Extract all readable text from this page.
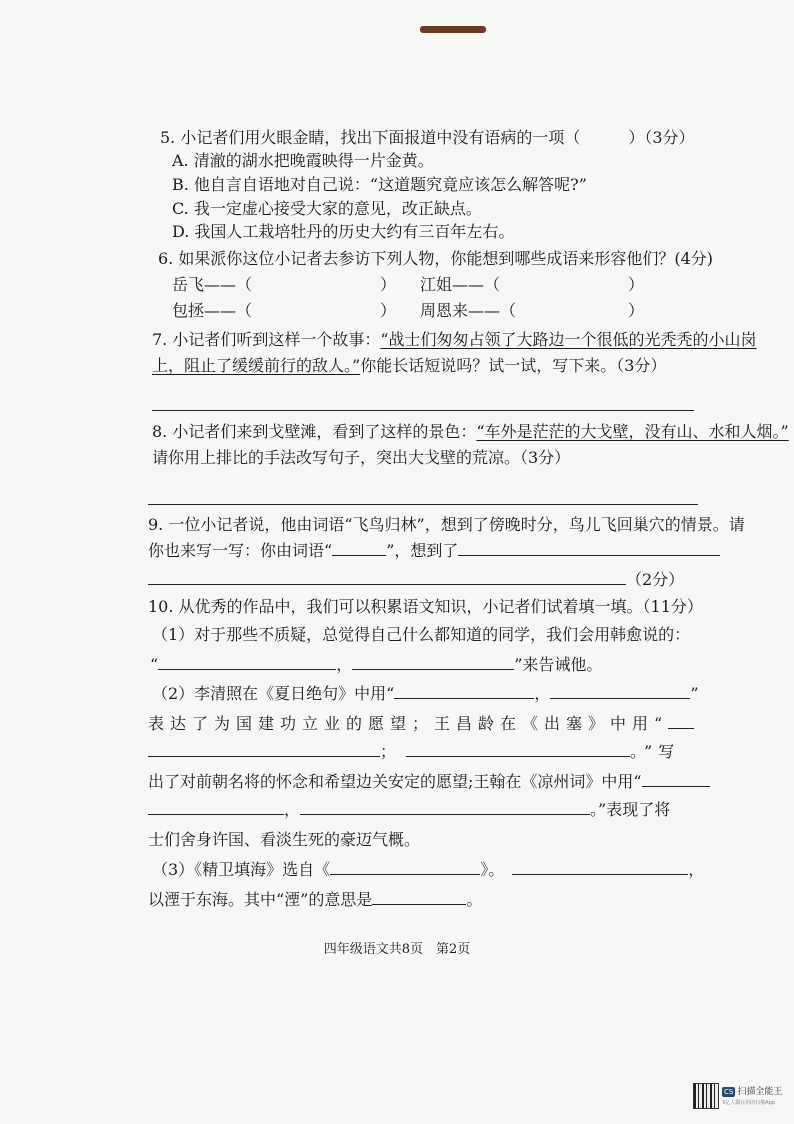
5. 小记者们用火眼金睛，找出下面报道中没有语病的一项（　　　）（3分）
A. 清澈的湖水把晚霞映得一片金黄。
B. 他自言自语地对自己说：“这道题究竟应该怎么解答呢?”
C. 我一定虚心接受大家的意见，改正缺点。
D. 我国人工栽培牡丹的历史大约有三百年左右。
6. 如果派你这位小记者去参访下列人物，你能想到哪些成语来形容他们？(4分)
岳飞——（　　　　　　　　） 江姐——（　　　　　　　　）
包拯——（　　　　　　　　） 周恩来——（　　　　　　　）
7. 小记者们听到这样一个故事：“战士们匆匆占领了大路边一个很低的光秃秃的小山岗
上，阻止了缓缓前行的敌人。”你能长话短说吗？试一试，写下来。（3分）
8. 小记者们来到戈壁滩，看到了这样的景色：“车外是茫茫的大戈壁，没有山、水和人烟。”
请你用上排比的手法改写句子，突出大戈壁的荒凉。（3分）
9. 一位小记者说，他由词语“飞鸟归林”，想到了傍晚时分，鸟儿飞回巢穴的情景。请
你也来写一写：你由词语“	”，想到了
（2分）
10. 从优秀的作品中，我们可以积累语文知识，小记者们试着填一填。（11分）
（1）对于那些不质疑，总觉得自己什么都知道的同学，我们会用韩愈说的：
“	，	”来告诫他。
（2）李清照在《夏日绝句》中用“	，	”
表达了为国建功立业的愿望；王昌龄在《出塞》中用“
；	。”写
出了对前朝名将的怀念和希望边关安定的愿望;王翰在《凉州词》中用“
，	。”表现了将
士们舍身许国、看淡生死的豪迈气概。
（3）《精卫填海》选自《	》。	，
以湮于东海。其中“湮”的意思是	。
四年级语文共8页　第2页
CS 扫描全能王
3亿人都在用的扫描App
